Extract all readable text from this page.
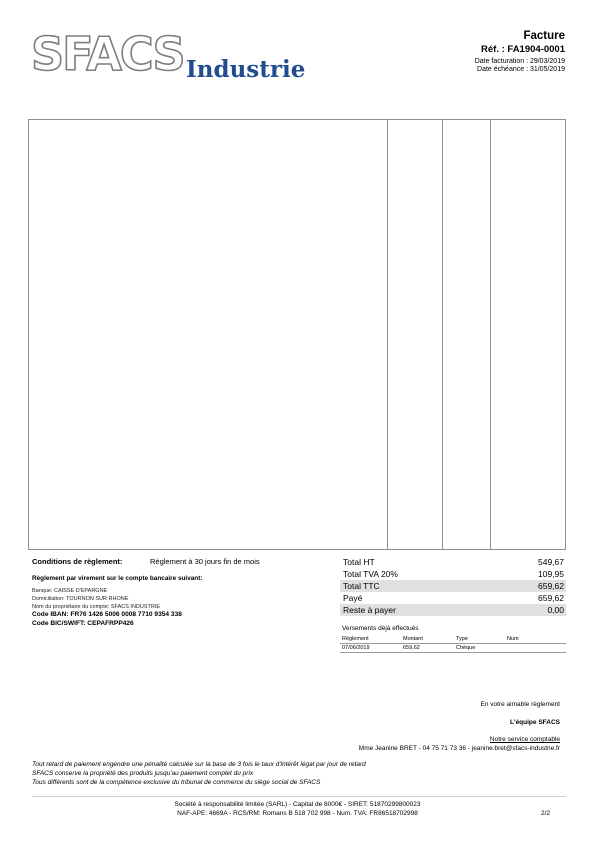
SFACS Industrie
Facture
Réf. : FA1904-0001
Date facturation : 29/03/2019
Date échéance : 31/05/2019
Conditions de règlement:	Règlement à 30 jours fin de mois
Règlement par virement sur le compte bancaire suivant:
Banque: CAISSE D'EPARGNE
Domiciliation: TOURNON SUR RHONE
Nom du propriétaire du compte: SFACS INDUSTRIE
Code IBAN: FR76 1426 5006 0008 7710 9354 338
Code BIC/SWIFT: CEPAFRPP426
Total HT	549,67
Total TVA 20%	109,95
Total TTC	659,62
Payé	659,62
Reste à payer	0,00
Versements déjà effectués
Règlement	Montant	Type	Num
07/06/2019	659,62	Chèque
En votre aimable règlement
L'équipe SFACS
Notre service comptable
Mme Jeanine BRET - 04 75 71 73 36 - jeanine.bret@sfacs-industrie.fr
Tout retard de paiement engendre une pénalité calculée sur la base de 3 fois le taux d'intérêt légal par jour de retard
SFACS conserve la propriété des produits jusqu'au paiement complet du prix
Tous différents sont de la compétence exclusive du tribunal de commerce du siège social de SFACS
Société à responsabilité limitée (SARL) - Capital de 8000€ - SIRET: 51870299800023
NAF-APE: 4669A - RCS/RM: Romans B 518 702 998 - Num. TVA: FR86518702998	2/2
